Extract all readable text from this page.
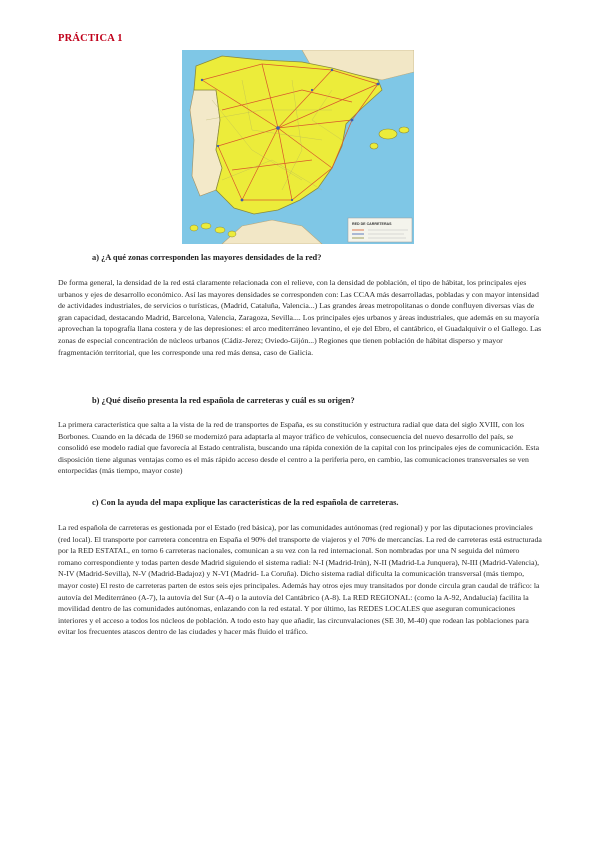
PRÁCTICA 1
RED DE CARRETERAS
a) ¿A qué zonas corresponden las mayores densidades de la red?
De forma general, la densidad de la red está claramente relacionada con el relieve, con la densidad de población, el tipo de hábitat, los principales ejes urbanos y ejes de desarrollo económico. Así las mayores densidades se corresponden con: Las CCAA más desarrolladas, pobladas y con mayor intensidad de actividades industriales, de servicios o turísticas, (Madrid, Cataluña, Valencia...) Las grandes áreas metropolitanas o donde confluyen diversas vías de gran capacidad, destacando Madrid, Barcelona, Valencia, Zaragoza, Sevilla.... Los principales ejes urbanos y áreas industriales, que además en su mayoría aprovechan la topografía llana costera y de las depresiones: el arco mediterráneo levantino, el eje del Ebro, el cantábrico, el Guadalquivir o el Gallego. Las zonas de especial concentración de núcleos urbanos (Cádiz-Jerez; Oviedo-Gijón...) Regiones que tienen población de hábitat disperso y mayor fragmentación territorial, que les corresponde una red más densa, caso de Galicia.
b) ¿Qué diseño presenta la red española de carreteras y cuál es su origen?
La primera característica que salta a la vista de la red de transportes de España, es su constitución y estructura radial que data del siglo XVIII, con los Borbones. Cuando en la década de 1960 se modernizó para adaptarla al mayor tráfico de vehículos, consecuencia del nuevo desarrollo del país, se consolidó ese modelo radial que favorecía al Estado centralista, buscando una rápida conexión de la capital con los principales ejes de comunicación. Esta disposición tiene algunas ventajas como es el más rápido acceso desde el centro a la periferia pero, en cambio, las comunicaciones transversales se ven entorpecidas (más tiempo, mayor coste)
c) Con la ayuda del mapa explique las características de la red española de carreteras.
La red española de carreteras es gestionada por el Estado (red básica), por las comunidades autónomas (red regional) y por las diputaciones provinciales (red local). El transporte por carretera concentra en España el 90% del transporte de viajeros y el 70% de mercancías. La red de carreteras está estructurada por la RED ESTATAL, en torno 6 carreteras nacionales, comunican a su vez con la red internacional. Son nombradas por una N seguida del número romano correspondiente y todas parten desde Madrid siguiendo el sistema radial: N-I (Madrid-Irún), N-II (Madrid-La Junquera), N-III (Madrid-Valencia), N-IV (Madrid-Sevilla), N-V (Madrid-Badajoz) y N-VI (Madrid- La Coruña). Dicho sistema radial dificulta la comunicación transversal (más tiempo, mayor coste) El resto de carreteras parten de estos seis ejes principales. Además hay otros ejes muy transitados por donde circula gran caudal de tráfico: la autovía del Mediterráneo (A-7), la autovía del Sur (A-4) o la autovía del Cantábrico (A-8). La RED REGIONAL: (como la A-92, Andalucía) facilita la movilidad dentro de las comunidades autónomas, enlazando con la red estatal. Y por último, las REDES LOCALES que aseguran comunicaciones interiores y el acceso a todos los núcleos de población. A todo esto hay que añadir, las circunvalaciones (SE 30, M-40) que rodean las poblaciones para evitar los frecuentes atascos dentro de las ciudades y hacer más fluido el tráfico.
